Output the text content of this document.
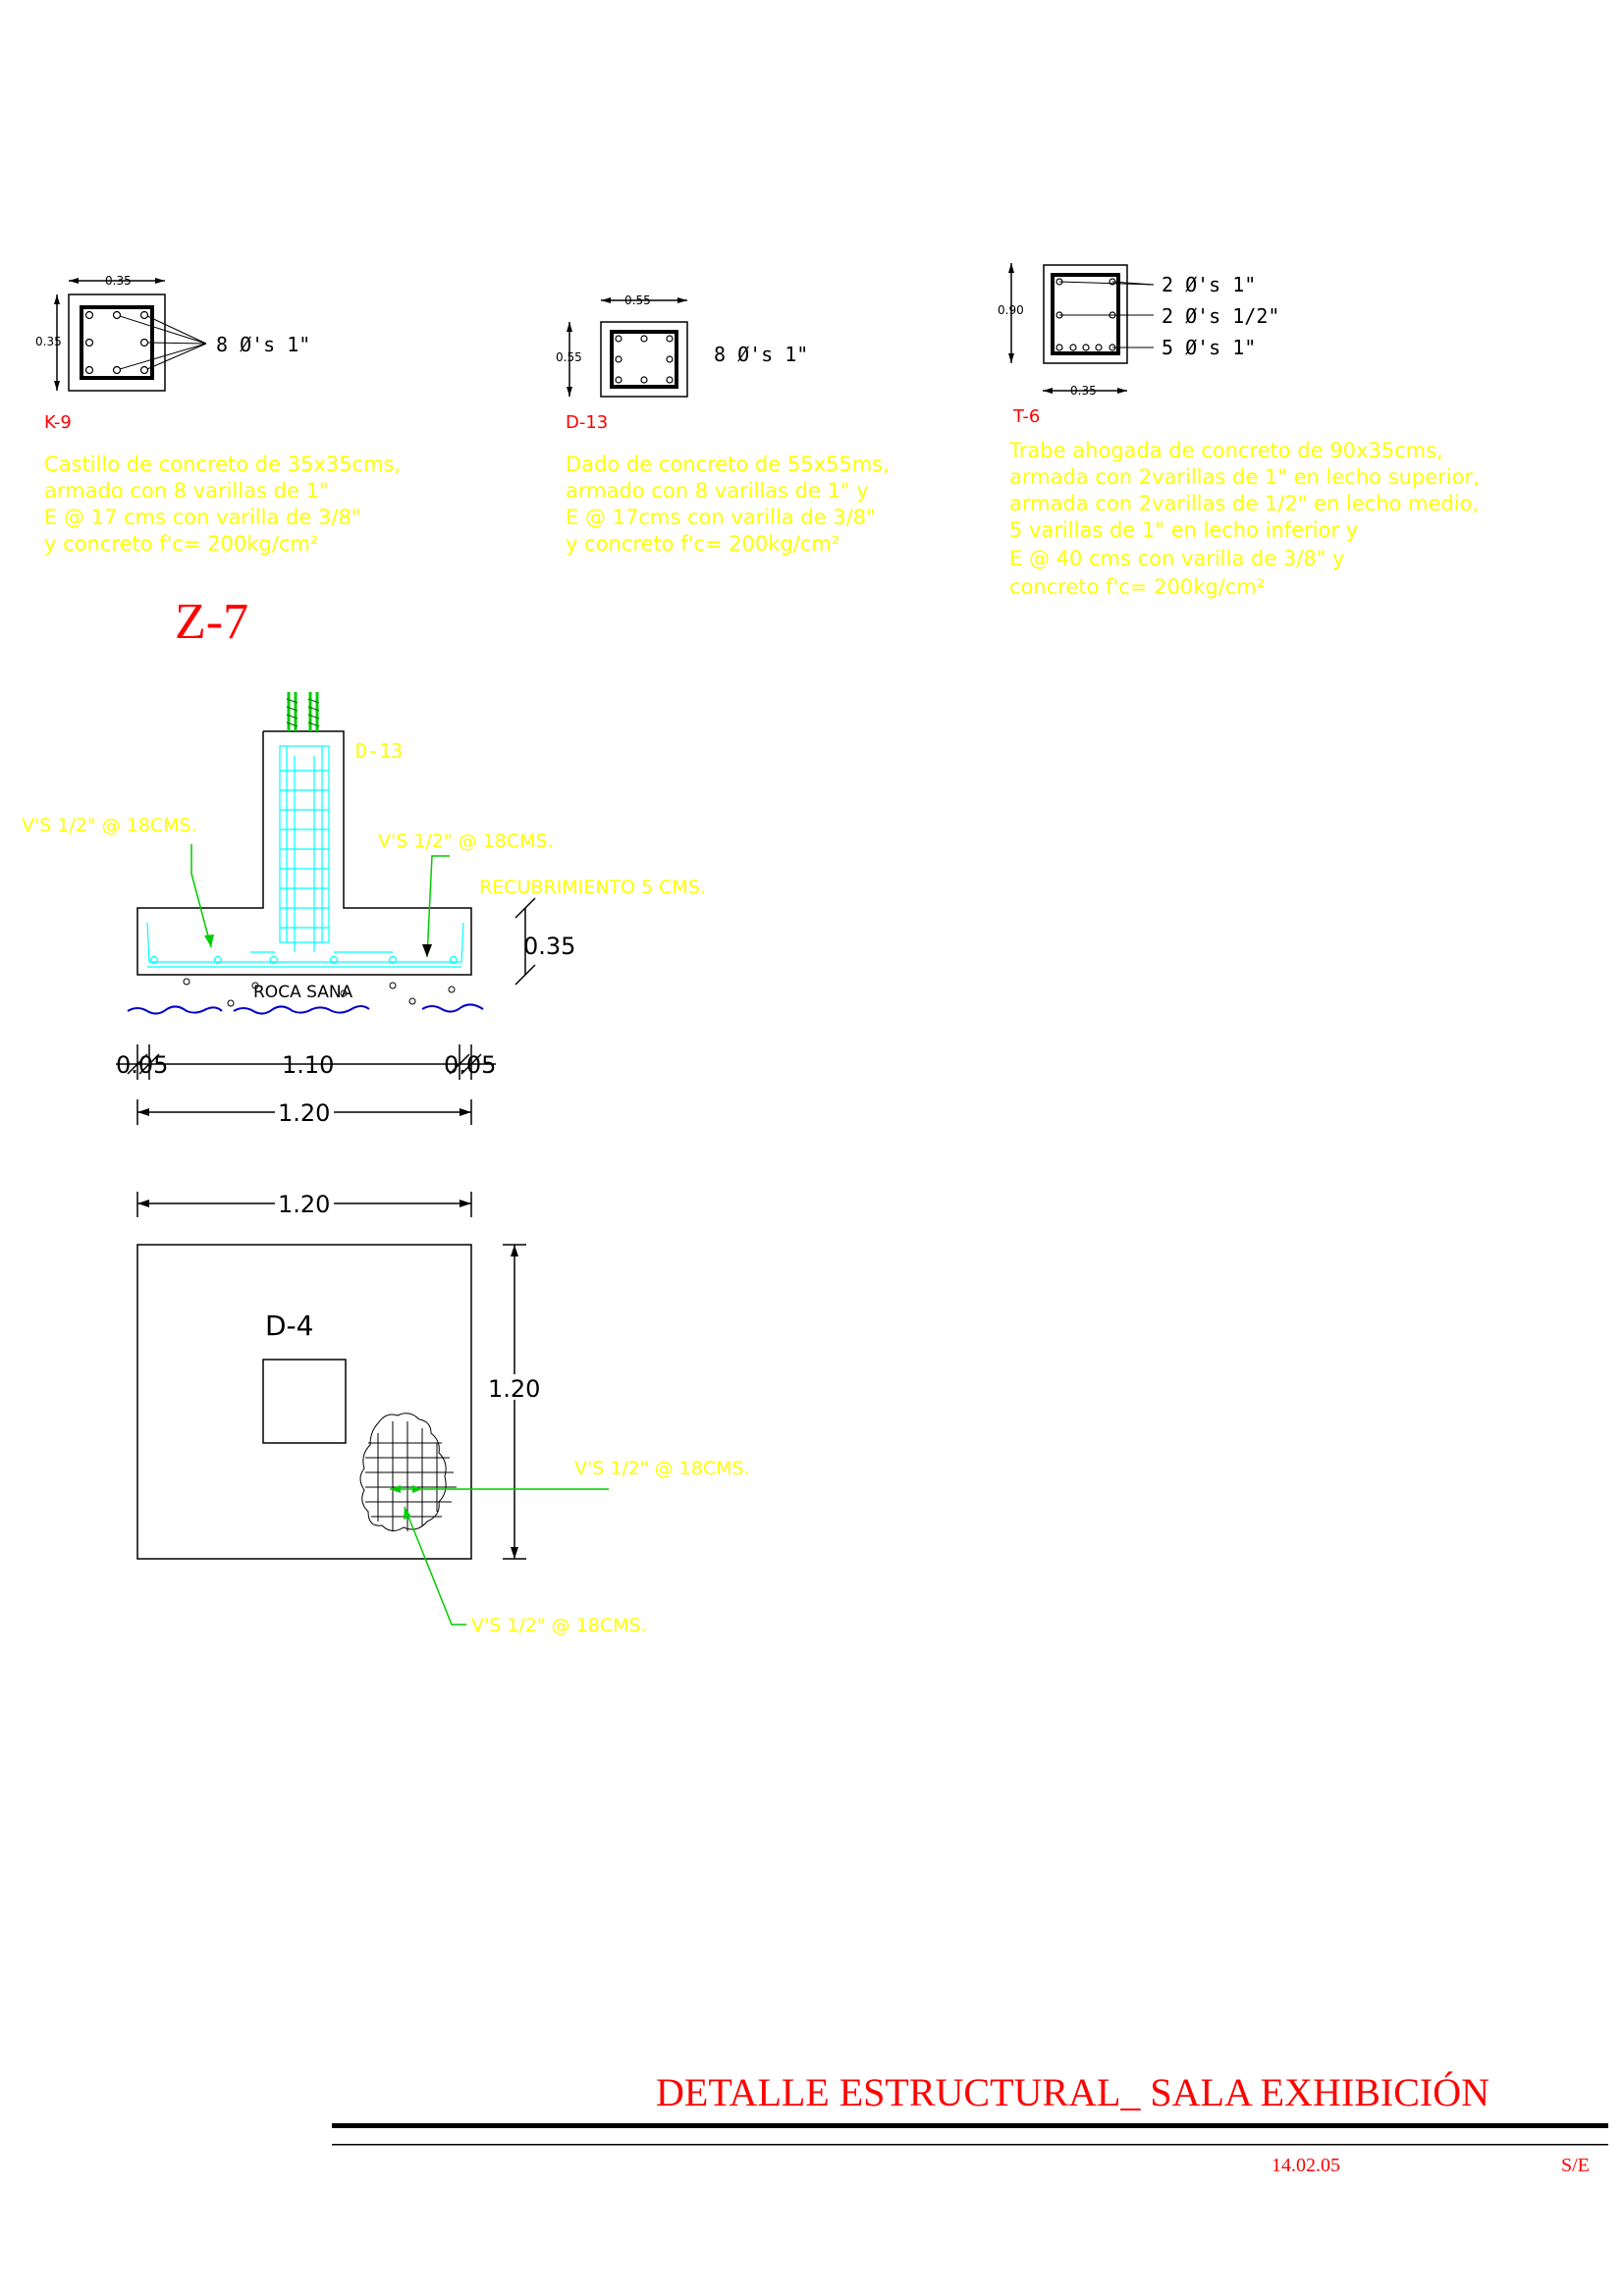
0.35
0.35	8 Ø's 1"
K-9
Castillo de concreto de 35x35cms,
armado con 8 varillas de 1"
E @ 17 cms con varilla de 3/8"
y concreto f'c= 200kg/cm²
0.55
0.55	8 Ø's 1"
D-13
Dado de concreto de 55x55ms,
armado con 8 varillas de 1" y
E @ 17cms con varilla de 3/8"
y concreto f'c= 200kg/cm²
0.90
2 Ø's 1"
2 Ø's 1/2"
5 Ø's 1"
0.35
T-6
Trabe ahogada de concreto de 90x35cms,
armada con 2varillas de 1" en lecho superior,
armada con 2varillas de 1/2" en lecho medio,
5 varillas de 1" en lecho inferior y
E @ 40 cms con varilla de 3/8" y
concreto f'c= 200kg/cm²
Z-7
ROCA SANA
D-13
V'S 1/2" @ 18CMS.
V'S 1/2" @ 18CMS.
RECUBRIMIENTO 5 CMS.
0.35
0.05	1.10	0.05
1.20
1.20
D-4
1.20
V'S 1/2" @ 18CMS.
V'S 1/2" @ 18CMS.
DETALLE ESTRUCTURAL_ SALA EXHIBICIÓN
14.02.05	S/E
